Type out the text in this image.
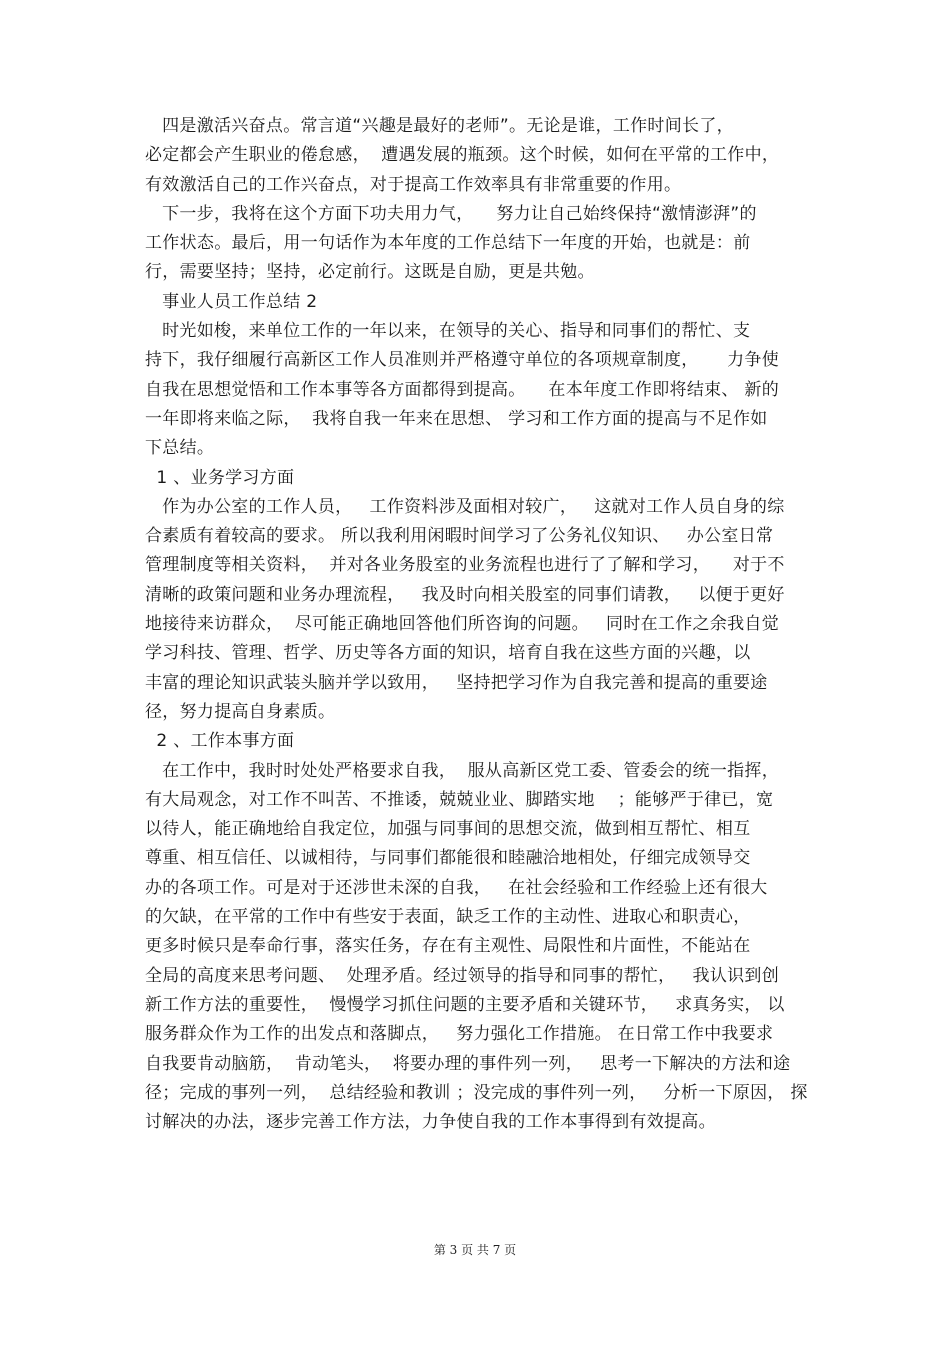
四是激活兴奋点。常言道“兴趣是最好的老师”。无论是谁，工作时间长了，
必定都会产生职业的倦怠感，  遭遇发展的瓶颈。这个时候，如何在平常的工作中，
有效激活自己的工作兴奋点，对于提高工作效率具有非常重要的作用。
下一步，我将在这个方面下功夫用力气，    努力让自己始终保持“激情澎湃”的
工作状态。最后，用一句话作为本年度的工作总结下一年度的开始，也就是：前
行，需要坚持；坚持，必定前行。这既是自励，更是共勉。
事业人员工作总结 2
时光如梭，来单位工作的一年以来，在领导的关心、指导和同事们的帮忙、支
持下，我仔细履行高新区工作人员准则并严格遵守单位的各项规章制度，     力争使
自我在思想觉悟和工作本事等各方面都得到提高。    在本年度工作即将结束、 新的
一年即将来临之际，  我将自我一年来在思想、 学习和工作方面的提高与不足作如
下总结。
1 、业务学习方面
作为办公室的工作人员，   工作资料涉及面相对较广，   这就对工作人员自身的综
合素质有着较高的要求。 所以我利用闲暇时间学习了公务礼仪知识、   办公室日常
管理制度等相关资料，  并对各业务股室的业务流程也进行了了解和学习，    对于不
清晰的政策问题和业务办理流程，   我及时向相关股室的同事们请教，   以便于更好
地接待来访群众，  尽可能正确地回答他们所咨询的问题。   同时在工作之余我自觉
学习科技、管理、哲学、历史等各方面的知识，培育自我在这些方面的兴趣，以
丰富的理论知识武装头脑并学以致用，   坚持把学习作为自我完善和提高的重要途
径，努力提高自身素质。
2 、工作本事方面
在工作中，我时时处处严格要求自我，  服从高新区党工委、管委会的统一指挥，
有大局观念，对工作不叫苦、不推诿，兢兢业业、脚踏实地    ；能够严于律已，宽
以待人，能正确地给自我定位，加强与同事间的思想交流，做到相互帮忙、相互
尊重、相互信任、以诚相待，与同事们都能很和睦融洽地相处，仔细完成领导交
办的各项工作。可是对于还涉世未深的自我，   在社会经验和工作经验上还有很大
的欠缺，在平常的工作中有些安于表面，缺乏工作的主动性、进取心和职责心，
更多时候只是奉命行事，落实任务，存在有主观性、局限性和片面性，不能站在
全局的高度来思考问题、  处理矛盾。经过领导的指导和同事的帮忙，   我认识到创
新工作方法的重要性，  慢慢学习抓住问题的主要矛盾和关键环节，   求真务实， 以
服务群众作为工作的出发点和落脚点，   努力强化工作措施。 在日常工作中我要求
自我要肯动脑筋，  肯动笔头，  将要办理的事件列一列，   思考一下解决的方法和途
径；完成的事列一列，  总结经验和教训 ；没完成的事件列一列，   分析一下原因， 探
讨解决的办法，逐步完善工作方法，力争使自我的工作本事得到有效提高。
第 3 页 共 7 页
